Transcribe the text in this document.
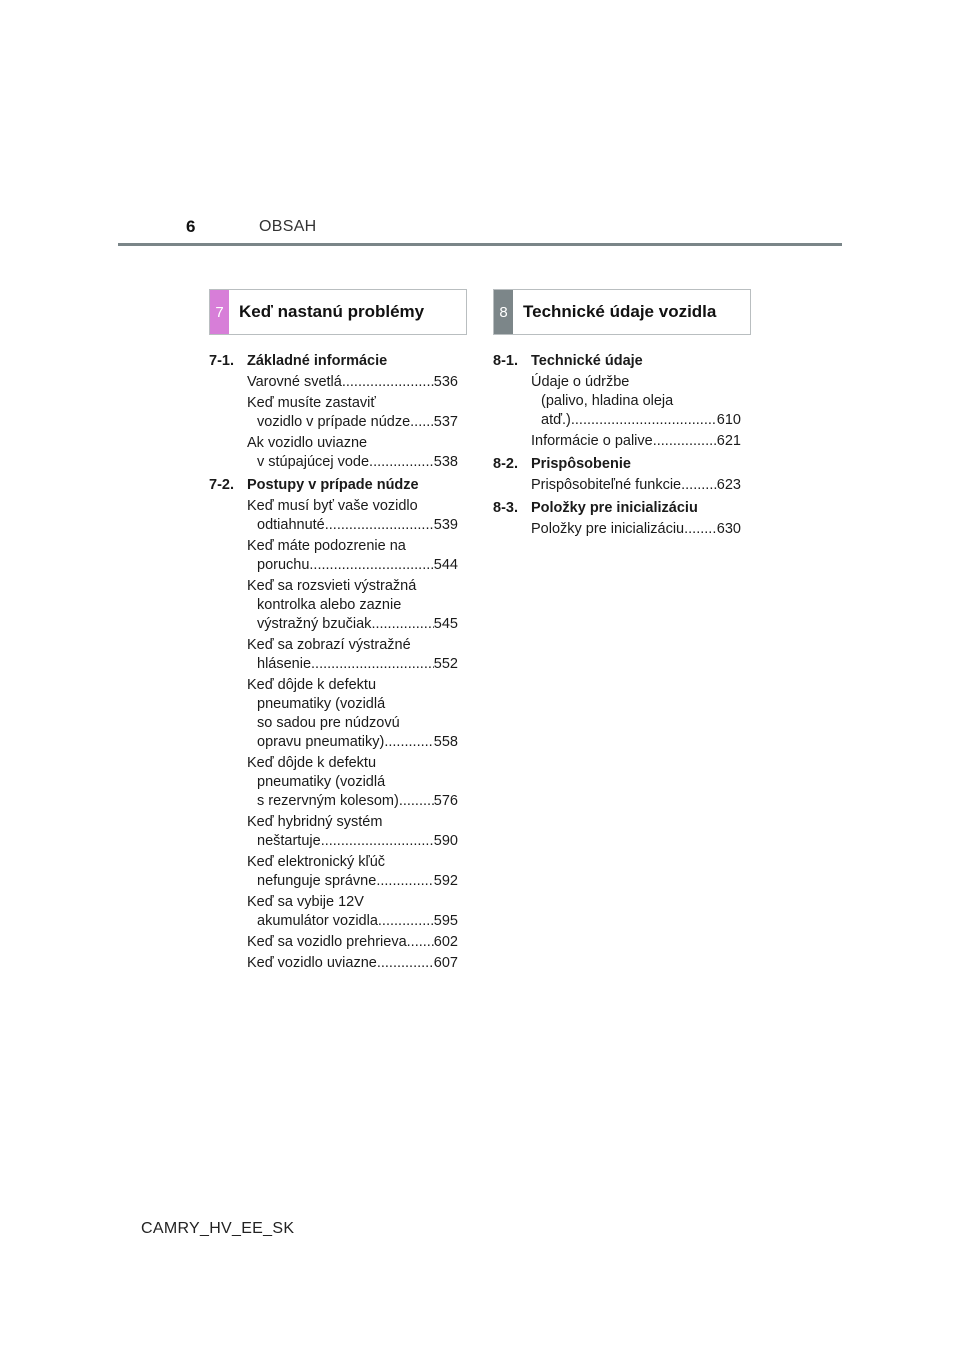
6	OBSAH
7 Keď nastanú problémy	8 Technické údaje vozidla
7-1. Základné informácie
Varovné svetlá .....	536
Keď musíte zastaviť
vozidlo v prípade núdze ..... 537
Ak vozidlo uviazne
v stúpajúcej vode .....	538
7-2. Postupy v prípade núdze
Keď musí byť vaše vozidlo
odtiahnuté .....	539
Keď máte podozrenie na
poruchu .....	544
Keď sa rozsvieti výstražná
kontrolka alebo zaznie
výstražný bzučiak .....	545
Keď sa zobrazí výstražné
hlásenie .....	552
Keď dôjde k defektu
pneumatiky (vozidlá
so sadou pre núdzovú
opravu pneumatiky) .....	558
Keď dôjde k defektu
pneumatiky (vozidlá
s rezervným kolesom) ..... 576
Keď hybridný systém
neštartuje .....	590
Keď elektronický kľúč
nefunguje správne .....	592
Keď sa vybije 12V
akumulátor vozidla .....	595
Keď sa vozidlo prehrieva ..... 602
Keď vozidlo uviazne .....	607
8-1. Technické údaje
Údaje o údržbe
(palivo, hladina oleja
atď.) .....	610
Informácie o palive .....	621
8-2. Prispôsobenie
Prispôsobiteľné funkcie ..... 623
8-3. Položky pre inicializáciu
Položky pre inicializáciu ..... 630
CAMRY_HV_EE_SK
